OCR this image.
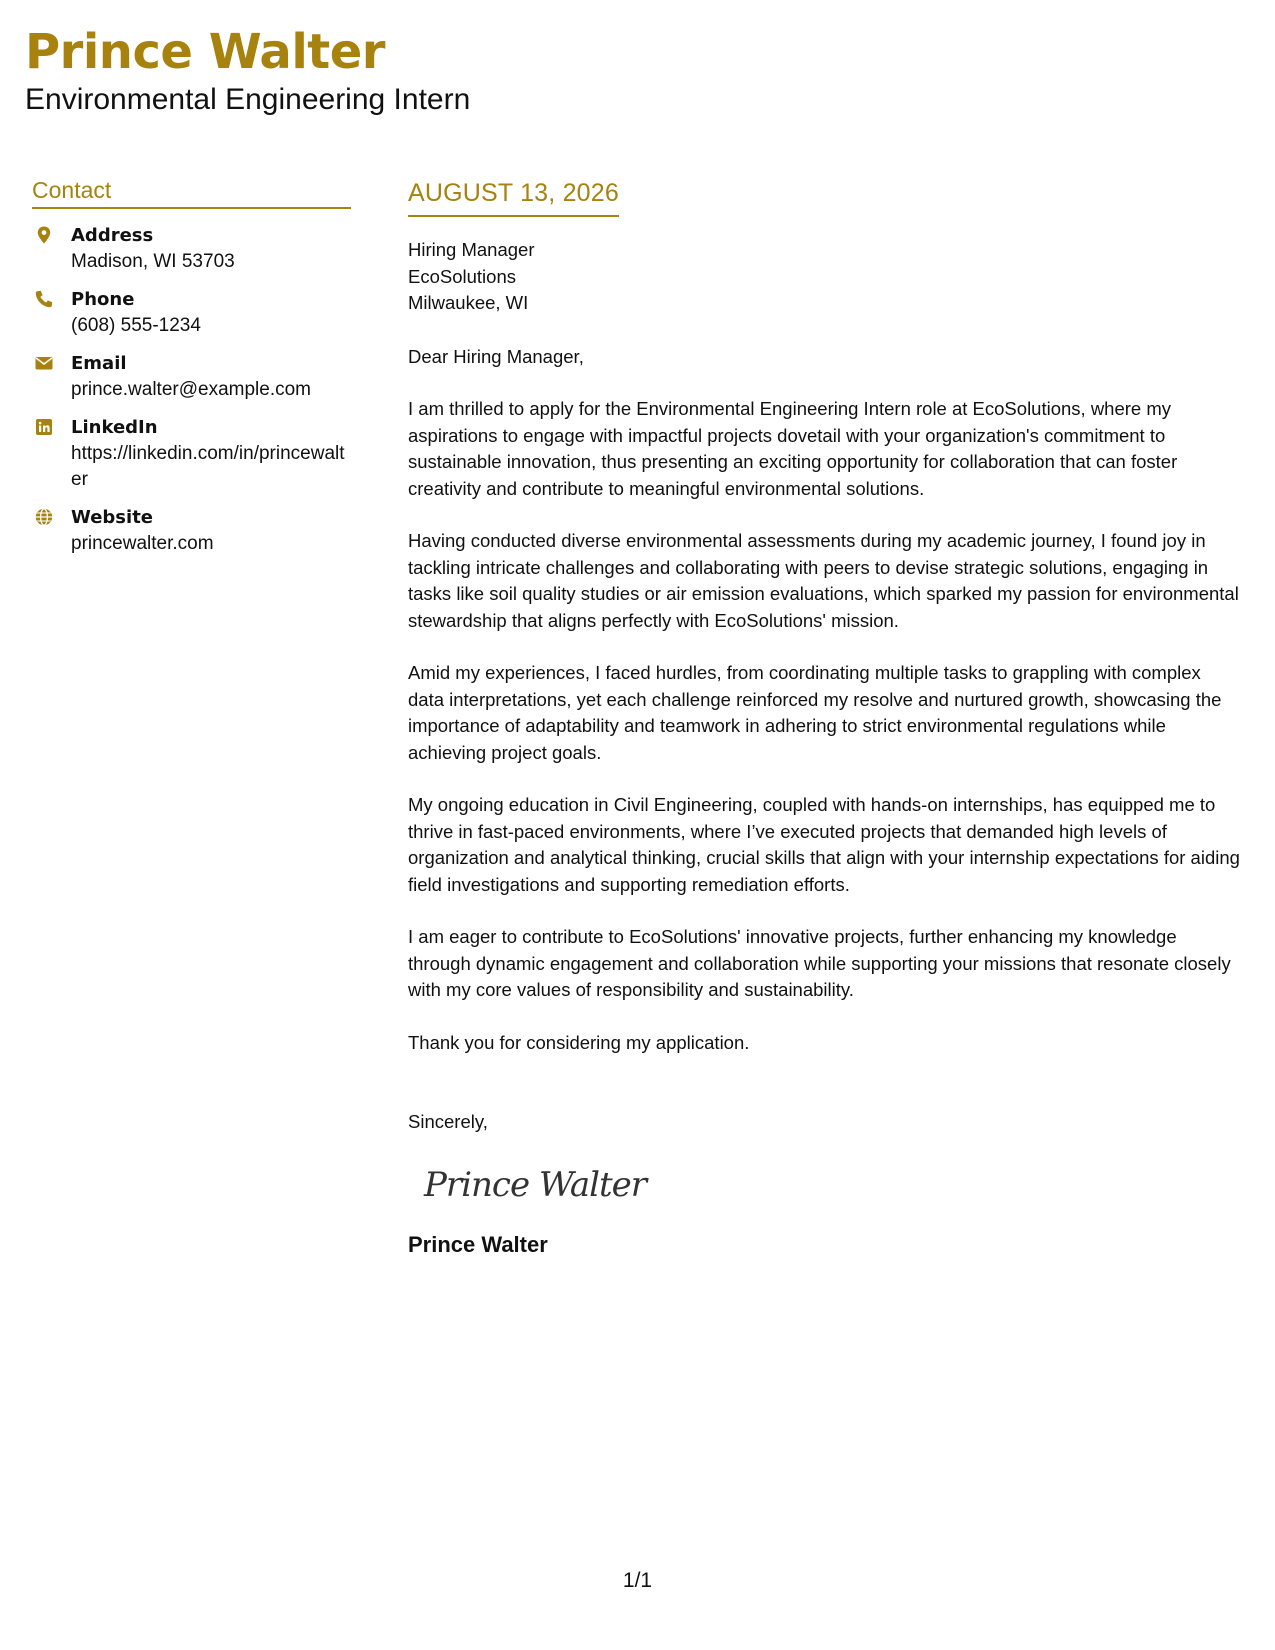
Prince Walter
Environmental Engineering Intern
Contact
Address
Madison, WI 53703
Phone
(608) 555-1234
Email
prince.walter@example.com
LinkedIn
https://linkedin.com/in/princewalter
Website
princewalter.com
AUGUST 13, 2026
Hiring Manager
EcoSolutions
Milwaukee, WI
Dear Hiring Manager,
I am thrilled to apply for the Environmental Engineering Intern role at EcoSolutions, where my aspirations to engage with impactful projects dovetail with your organization's commitment to sustainable innovation, thus presenting an exciting opportunity for collaboration that can foster creativity and contribute to meaningful environmental solutions.
Having conducted diverse environmental assessments during my academic journey, I found joy in tackling intricate challenges and collaborating with peers to devise strategic solutions, engaging in tasks like soil quality studies or air emission evaluations, which sparked my passion for environmental stewardship that aligns perfectly with EcoSolutions' mission.
Amid my experiences, I faced hurdles, from coordinating multiple tasks to grappling with complex data interpretations, yet each challenge reinforced my resolve and nurtured growth, showcasing the importance of adaptability and teamwork in adhering to strict environmental regulations while achieving project goals.
My ongoing education in Civil Engineering, coupled with hands-on internships, has equipped me to thrive in fast-paced environments, where I’ve executed projects that demanded high levels of organization and analytical thinking, crucial skills that align with your internship expectations for aiding field investigations and supporting remediation efforts.
I am eager to contribute to EcoSolutions' innovative projects, further enhancing my knowledge through dynamic engagement and collaboration while supporting your missions that resonate closely with my core values of responsibility and sustainability.
Thank you for considering my application.
Sincerely,
Prince Walter
Prince Walter
1/1
